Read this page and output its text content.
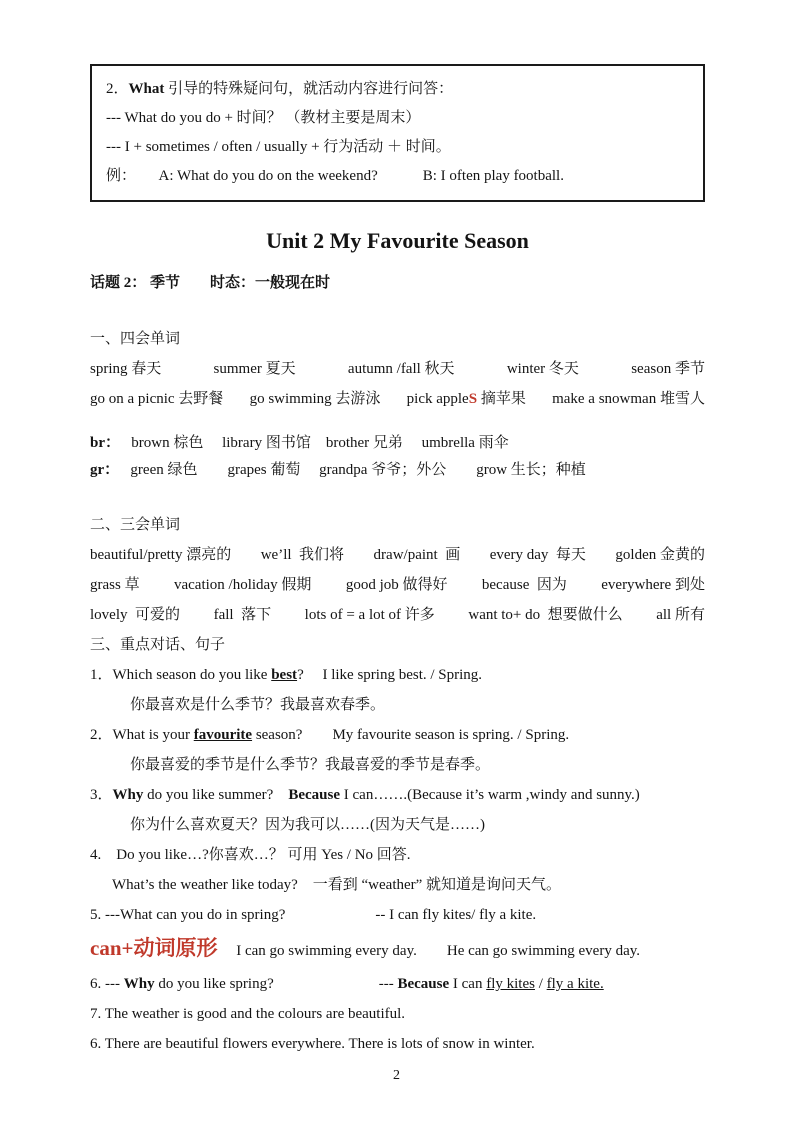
2．What 引导的特殊疑问句，就活动内容进行问答：
--- What do you do + 时间？ （教材主要是周末）
--- I + sometimes / often / usually + 行为活动 ＋ 时间。
例：　　A: What do you do on the weekend?　　　B: I often play football.
Unit 2 My Favourite Season
话题 2： 季节　　时态：一般现在时
一、四会单词
spring 春天	summer 夏天	autumn /fall 秋天	winter 冬天	season 季节
go on a picnic 去野餐 go swimming 去游泳 pick appleS 摘苹果 make a snowman 堆雪人
br：　 brown 棕色　 library 图书馆　brother 兄弟　 umbrella 雨伞
gr：　 green 绿色　　grapes 葡萄　 grandpa 爷爷；外公　　grow 生长；种植
二、三会单词
beautiful/pretty 漂亮的 we’ll  我们将 draw/paint  画 every day  每天 golden 金黄的
grass 草 vacation /holiday 假期 good job 做得好 because  因为 everywhere 到处
lovely  可爱的 fall  落下 lots of = a lot of 许多 want to+ do  想要做什么 all 所有
三、重点对话、句子
1．Which season do you like best?　 I like spring best. / Spring.
你最喜欢是什么季节？我最喜欢春季。
2．What is your favourite season?　　My favourite season is spring. / Spring.
你最喜爱的季节是什么季节？我最喜爱的季节是春季。
3．Why do you like summer?　Because I can…….(Because it’s warm ,windy and sunny.)
你为什么喜欢夏天？因为我可以……(因为天气是……)
4.　Do you like…?你喜欢…？ 可用 Yes / No 回答.
What’s the weather like today?　一看到 “weather” 就知道是询问天气。
5. ---What can you do in spring?　　　　　　-- I can fly kites/ fly a kite.
can+动词原形　 I can go swimming every day.　　He can go swimming every day.
6. --- Why do you like spring?　　　　　　　--- Because I can fly kites / fly a kite.
7. The weather is good and the colours are beautiful.
6. There are beautiful flowers everywhere. There is lots of snow in winter.
2
